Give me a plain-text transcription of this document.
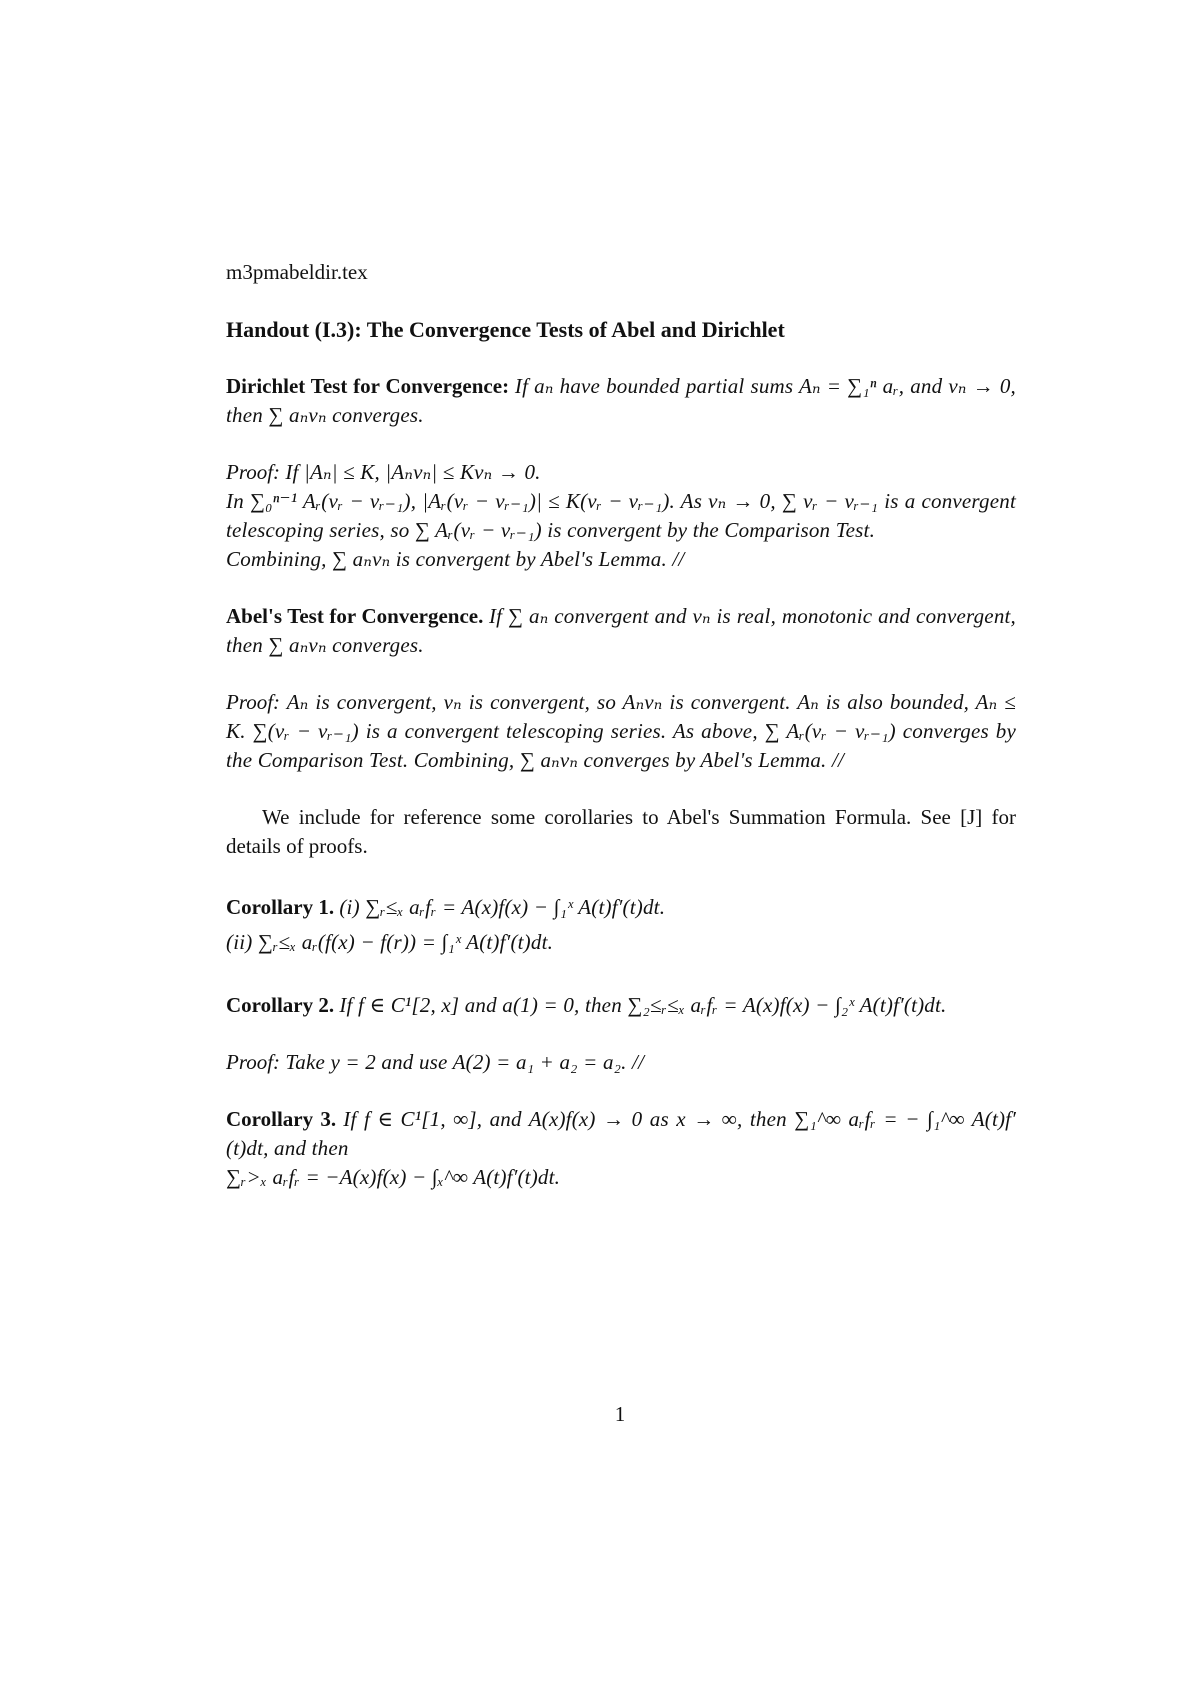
m3pmabeldir.tex

Handout (I.3): The Convergence Tests of Abel and Dirichlet

Dirichlet Test for Convergence: If aₙ have bounded partial sums Aₙ = ∑₁ⁿ aᵣ, and vₙ → 0, then ∑ aₙvₙ converges.

Proof: If |Aₙ| ≤ K, |Aₙvₙ| ≤ Kvₙ → 0.
In ∑₀ⁿ⁻¹ Aᵣ(vᵣ − vᵣ₋₁), |Aᵣ(vᵣ − vᵣ₋₁)| ≤ K(vᵣ − vᵣ₋₁). As vₙ → 0, ∑ vᵣ − vᵣ₋₁ is a convergent telescoping series, so ∑ Aᵣ(vᵣ − vᵣ₋₁) is convergent by the Comparison Test.
Combining, ∑ aₙvₙ is convergent by Abel's Lemma. //

Abel's Test for Convergence. If ∑ aₙ convergent and vₙ is real, monotonic and convergent, then ∑ aₙvₙ converges.

Proof: Aₙ is convergent, vₙ is convergent, so Aₙvₙ is convergent. Aₙ is also bounded, Aₙ ≤ K. ∑(vᵣ − vᵣ₋₁) is a convergent telescoping series. As above, ∑ Aᵣ(vᵣ − vᵣ₋₁) converges by the Comparison Test. Combining, ∑ aₙvₙ converges by Abel's Lemma. //

We include for reference some corollaries to Abel's Summation Formula. See [J] for details of proofs.

Corollary 1. (i) ∑ᵣ≤ₓ aᵣfᵣ = A(x)f(x) − ∫₁ˣ A(t)f′(t)dt.
(ii) ∑ᵣ≤ₓ aᵣ(f(x) − f(r)) = ∫₁ˣ A(t)f′(t)dt.

Corollary 2. If f ∈ C¹[2, x] and a(1) = 0, then ∑₂≤ᵣ≤ₓ aᵣfᵣ = A(x)f(x) − ∫₂ˣ A(t)f′(t)dt.

Proof: Take y = 2 and use A(2) = a₁ + a₂ = a₂. //

Corollary 3. If f ∈ C¹[1, ∞], and A(x)f(x) → 0 as x → ∞, then ∑₁^∞ aᵣfᵣ = − ∫₁^∞ A(t)f′(t)dt, and then
∑ᵣ>ₓ aᵣfᵣ = −A(x)f(x) − ∫ₓ^∞ A(t)f′(t)dt.

1
